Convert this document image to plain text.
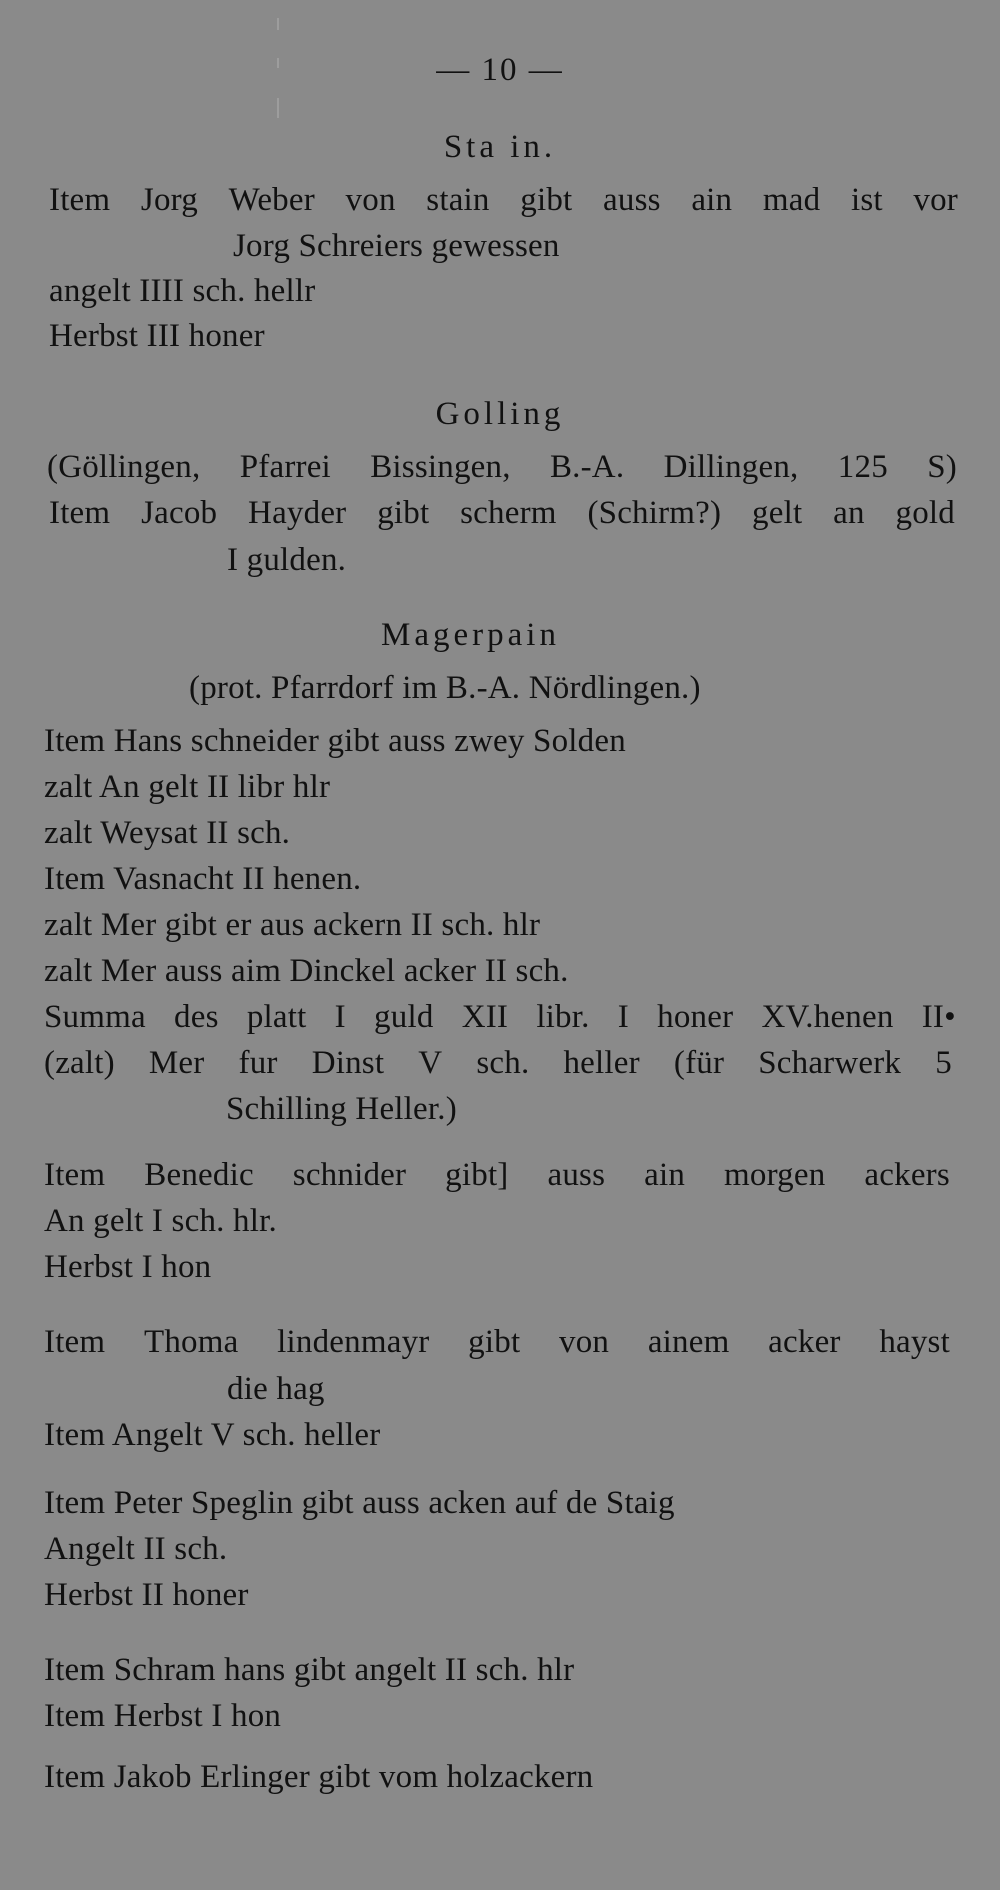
— 10 —
Sta in.
Item Jorg Weber von stain gibt auss ain mad ist vor
Jorg Schreiers gewessen
angelt IIII sch. hellr
Herbst III honer
Golling
(Göllingen, Pfarrei Bissingen, B.-A. Dillingen, 125 S)
Item Jacob Hayder gibt scherm (Schirm?) gelt an gold
I gulden.
Magerpain
(prot. Pfarrdorf im B.-A. Nördlingen.)
Item Hans schneider gibt auss zwey Solden
zalt An gelt II libr hlr
zalt Weysat II sch.
Item Vasnacht II henen.
zalt Mer gibt er aus ackern II sch. hlr
zalt Mer auss aim Dinckel acker II sch.
Summa des platt I guld XII libr. I honer XV.henen II•
(zalt) Mer fur Dinst V sch. heller (für Scharwerk 5
Schilling Heller.)
Item Benedic schnider gibt] auss ain morgen ackers
An gelt I sch. hlr.
Herbst I hon
Item Thoma lindenmayr gibt von ainem acker hayst
die hag
Item Angelt V sch. heller
Item Peter Speglin gibt auss acken auf de Staig
Angelt II sch.
Herbst II honer
Item Schram hans gibt angelt II sch. hlr
Item Herbst I hon
Item Jakob Erlinger gibt vom holzackern
